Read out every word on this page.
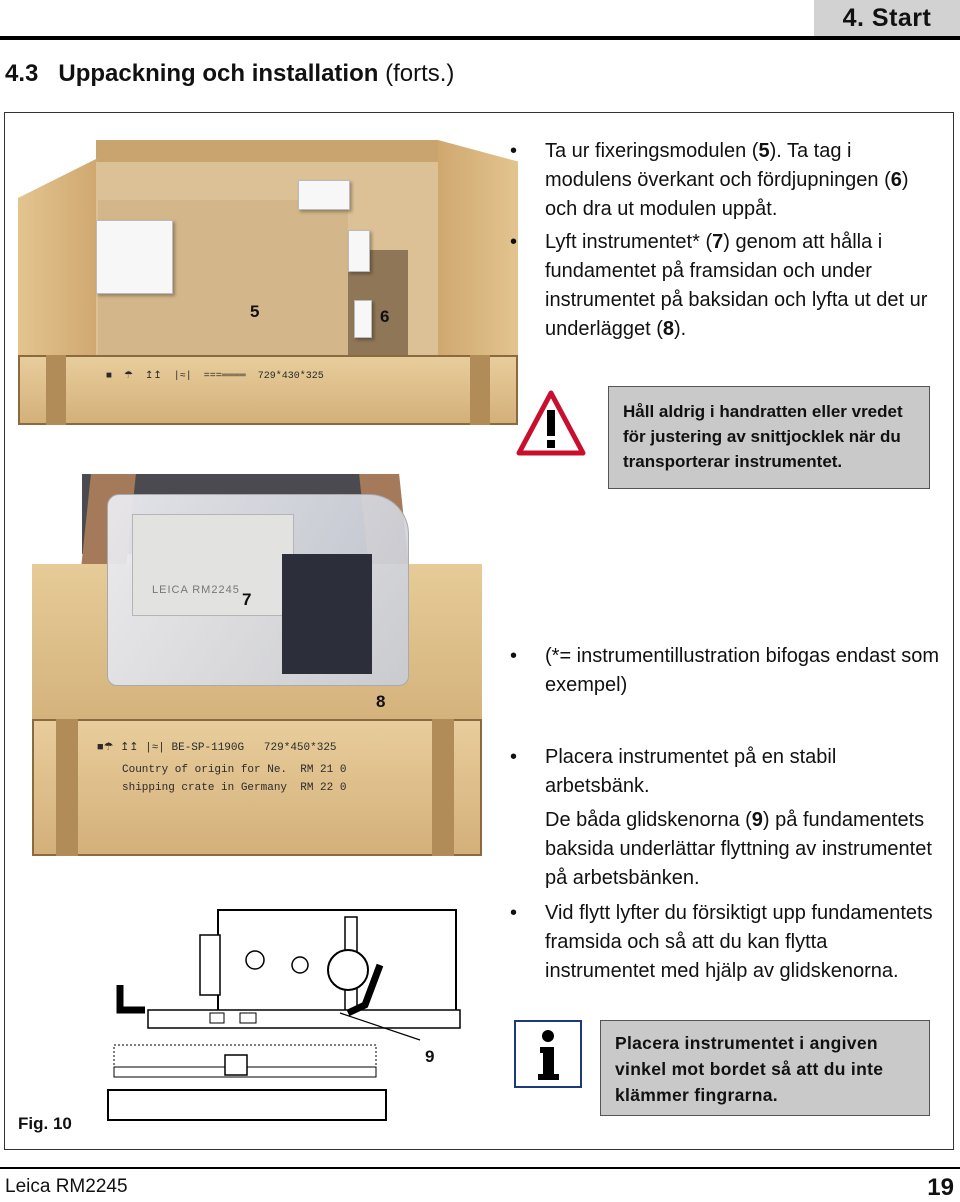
4. Start
4.3 Uppackning och installation (forts.)
■  ☂  ↥↥  |≈|  ===════  729*430*325
5	6
LEICA RM2245
■☂ ↥↥ |≈| BE-SP-1190G   729*450*325
Country of origin for Ne.  RM 21 0
shipping crate in Germany  RM 22 0
7
8
9
• Ta ur fixeringsmodulen (5). Ta tag i modulens överkant och fördjupningen (6) och dra ut modulen uppåt.
• Lyft instrumentet* (7) genom att hålla i fundamentet på framsidan och under instrumentet på baksidan och lyfta ut det ur underlägget (8).
Håll aldrig i handratten eller vredet för justering av snittjocklek när du transporterar instrumentet.
• (*= instrumentillustration bifogas endast som exempel)
• Placera instrumentet på en stabil arbetsbänk.
De båda glidskenorna (9) på fundamentets baksida underlättar flyttning av instrumentet på arbetsbänken.
• Vid flytt lyfter du försiktigt upp fundamentets framsida och så att du kan flytta instrumentet med hjälp av glidskenorna.
Placera instrumentet i angiven vinkel mot bordet så att du inte klämmer fingrarna.
Fig. 10
Leica RM2245	19
